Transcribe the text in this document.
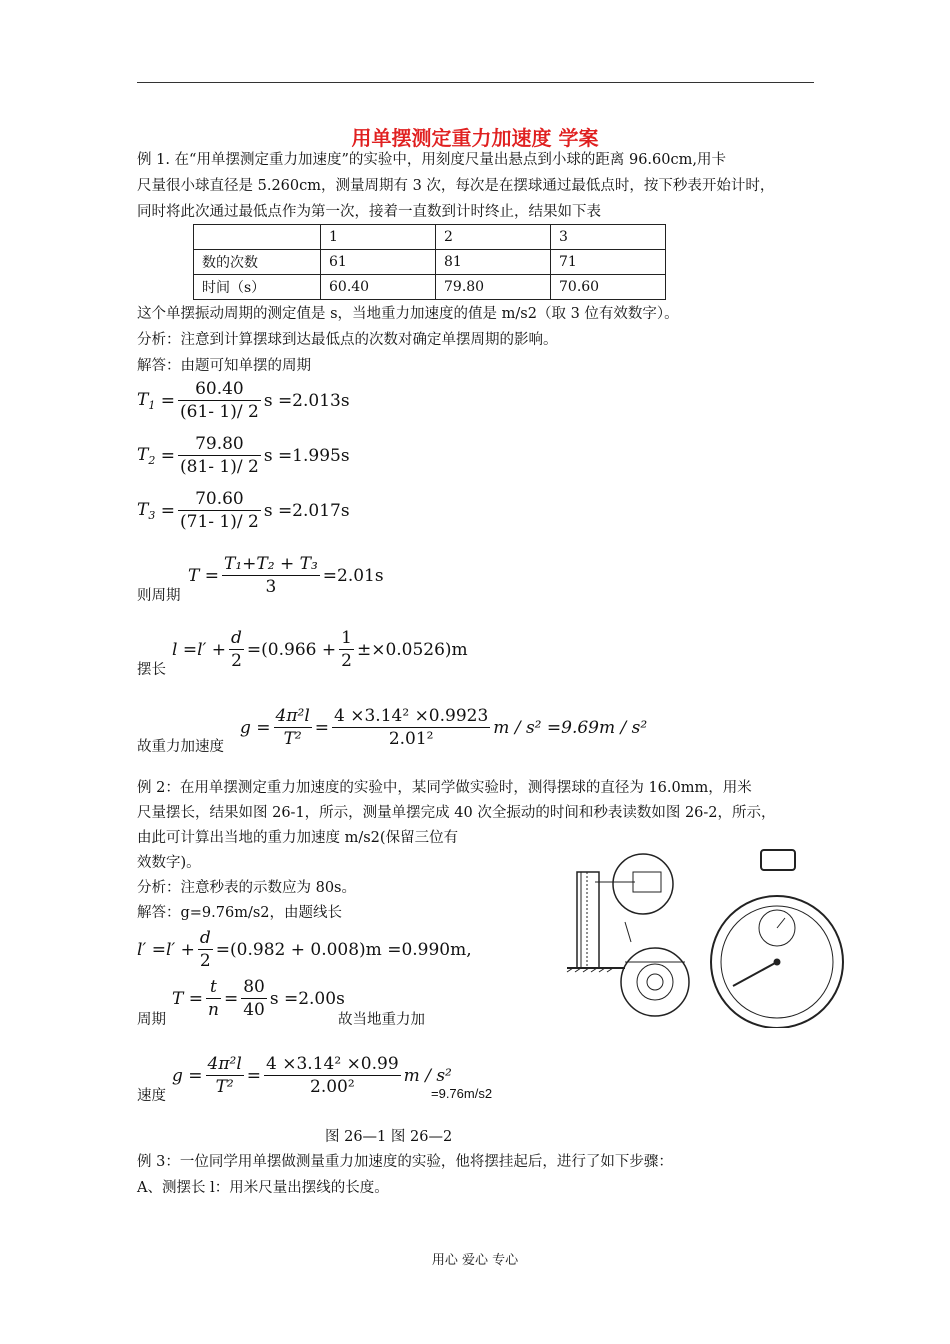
用单摆测定重力加速度 学案
例 1. 在“用单摆测定重力加速度”的实验中，用刻度尺量出悬点到小球的距离 96.60cm,用卡
尺量很小球直径是 5.260cm，测量周期有 3 次，每次是在摆球通过最低点时，按下秒表开始计时，
同时将此次通过最低点作为第一次，接着一直数到计时终止，结果如下表
	1	2	3
数的次数	61	81	71
时间（s）	60.40	79.80	70.60
这个单摆振动周期的测定值是 s，当地重力加速度的值是 m/s2（取 3 位有效数字）。
分析：注意到计算摆球到达最低点的次数对确定单摆周期的影响。
解答：由题可知单摆的周期
$T_1 = \frac{60.40}{(61- 1)/ 2}$ s =2.013s
$T_2 = \frac{79.80}{(81- 1)/ 2}$ s =1.995s
$T_3 = \frac{70.60}{(71- 1)/ 2}$ s =2.017s
$T = \frac{\text{T₁+T₂ + T₃}}{3} =2.01s$
则周期
$l =l' + \frac{d}{2} =(0.966 + \frac{1}{2} \pm\times 0.0526)m$
摆长
$g = \frac{\text{4π²l}}{\text{T²}} = \frac{\text{4 ×3.14² ×0.9923}}{\text{2.01²}}$ m / s² =9.69m / s²
故重力加速度
例 2：在用单摆测定重力加速度的实验中，某同学做实验时，测得摆球的直径为 16.0mm，用米
尺量摆长，结果如图 26-1，所示，测量单摆完成 40 次全振动的时间和秒表读数如图 26-2，所示，
由此可计算出当地的重力加速度 m/s2(保留三位有
效数字)。
分析：注意秒表的示数应为 80s。
解答：g=9.76m/s2，由题线长
$l' =l' + \frac{d}{2} =(0.982 + 0.008)m =0.990m$,
$T = \frac{t}{n} = \frac{80}{40}$ s =2.00s
周期	故当地重力加
$g = \frac{\text{4π²l}}{\text{T²}} = \frac{\text{4 ×3.14² ×0.99}}{\text{2.00²}}$ m / s²
速度	=9.76m/s2
图 26—1 图 26—2
例 3：一位同学用单摆做测量重力加速度的实验，他将摆挂起后，进行了如下步骤：
A、测摆长 l：用米尺量出摆线的长度。
用心 爱心 专心
